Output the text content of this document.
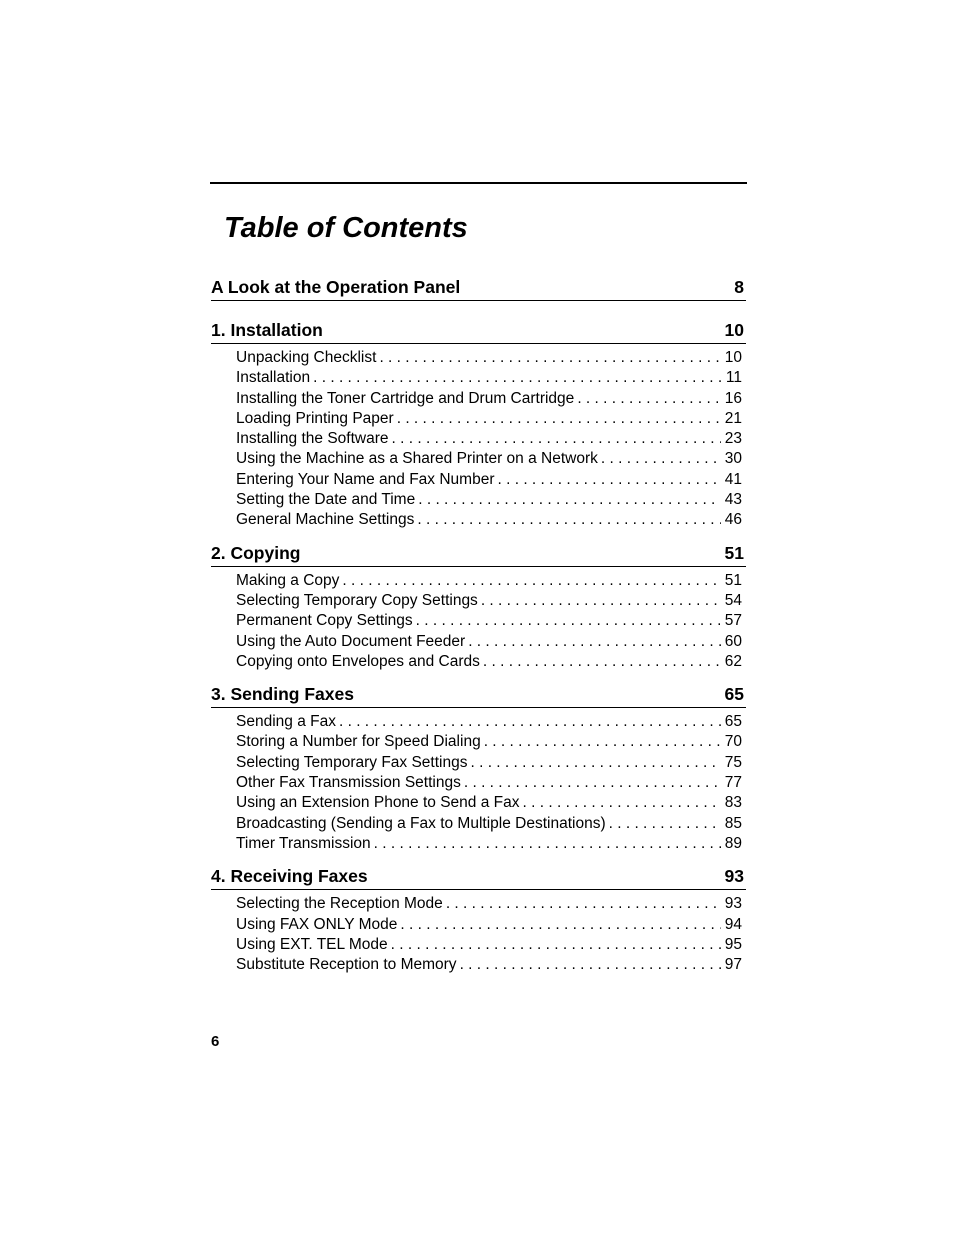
Table of Contents
A Look at the Operation Panel	8
1. Installation	10
Unpacking Checklist . . .	10
Installation . . .	11
Installing the Toner Cartridge and Drum Cartridge . . .	16
Loading Printing Paper . . .	21
Installing the Software . . .	23
Using the Machine as a Shared Printer on a Network . . .	30
Entering Your Name and Fax Number . . .	41
Setting the Date and Time . . .	43
General Machine Settings . . .	46
2. Copying	51
Making a Copy . . .	51
Selecting Temporary Copy Settings . . .	54
Permanent Copy Settings . . .	57
Using the Auto Document Feeder . . .	60
Copying onto Envelopes and Cards . . .	62
3. Sending Faxes	65
Sending a Fax . . .	65
Storing a Number for Speed Dialing . . .	70
Selecting Temporary Fax Settings . . .	75
Other Fax Transmission Settings . . .	77
Using an Extension Phone to Send a Fax . . .	83
Broadcasting (Sending a Fax to Multiple Destinations) . . .	85
Timer Transmission . . .	89
4. Receiving Faxes	93
Selecting the Reception Mode . . .	93
Using FAX ONLY Mode . . .	94
Using EXT. TEL Mode . . .	95
Substitute Reception to Memory . . .	97
6
